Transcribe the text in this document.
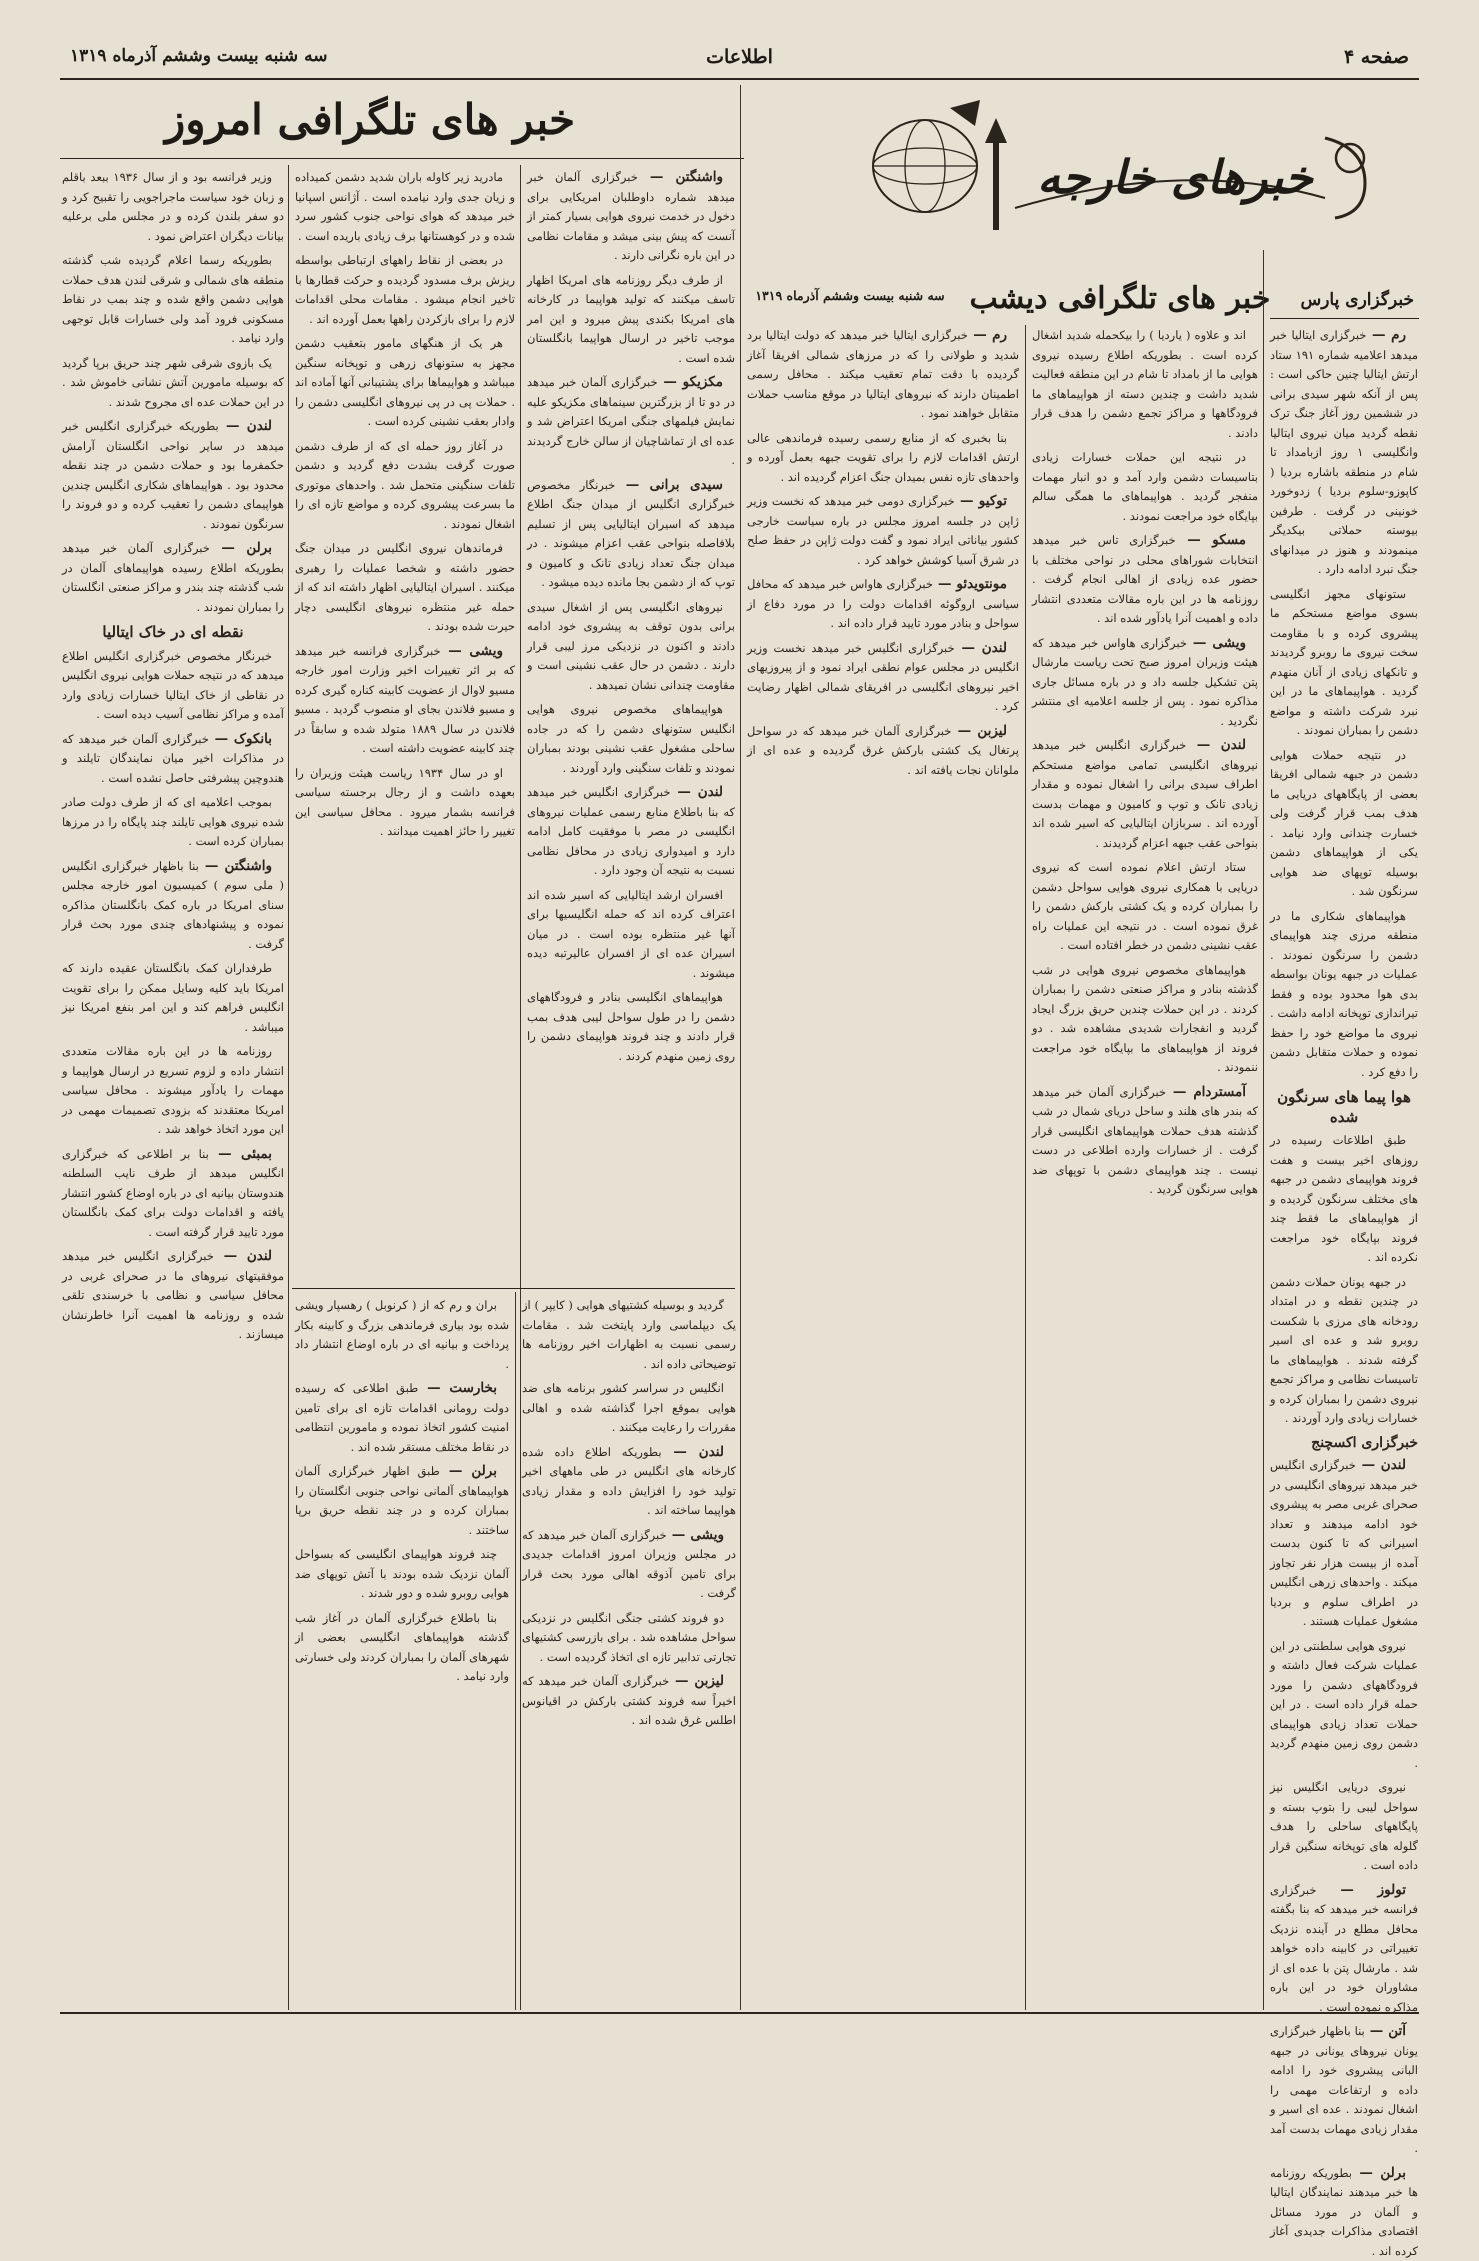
صفحه ۴
اطلاعات
سه شنبه بیست وششم آذرماه ۱۳۱۹
خبرهای خارجه
خبر های تلگرافی امروز
خبر های تلگرافی دیشب
سه شنبه بیست وششم آذرماه ۱۳۱۹	خبرگزاری پارس

رم — خبرگزاری ایتالیا خبر میدهد اعلامیه شماره ۱۹۱ ستاد ارتش ایتالیا چنین حاکی است : پس از آنکه شهر سیدی برانی در ششمین روز آغاز جنگ ترک نقطه گردید میان نیروی ایتالیا وانگلیسی ۱ روز ازبامداد تا شام در منطقه باشاره بردیا ( کاپوزو-سلوم بردیا ) زدوخورد خونینی در گرفت . طرفین بیوسته حملاتی بیکدیگر مینمودند و هنوز در میدانهای جنگ نبرد ادامه دارد .

ستونهای مجهز انگلیسی بسوی مواضع مستحکم ما پیشروی کرده و با مقاومت سخت نیروی ما روبرو گردیدند و تانکهای زیادی از آنان منهدم گردید . هواپیماهای ما در این نبرد شرکت داشته و مواضع دشمن را بمباران نمودند .

در نتیجه حملات هوایی دشمن در جبهه شمالی افریقا بعضی از پایگاههای دریایی ما هدف بمب قرار گرفت ولی خسارت چندانی وارد نیامد . یکی از هواپیماهای دشمن بوسیله توپهای ضد هوایی سرنگون شد .

هواپیماهای شکاری ما در منطقه مرزی چند هواپیمای دشمن را سرنگون نمودند . عملیات در جبهه یونان بواسطه بدی هوا محدود بوده و فقط تیراندازی توپخانه ادامه داشت . نیروی ما مواضع خود را حفظ نموده و حملات متقابل دشمن را دفع کرد .

هوا پیما های سرنگون شده

طبق اطلاعات رسیده در روزهای اخیر بیست و هفت فروند هواپیمای دشمن در جبهه های مختلف سرنگون گردیده و از هواپیماهای ما فقط چند فروند بپایگاه خود مراجعت نکرده اند .

در جبهه یونان حملات دشمن در چندین نقطه و در امتداد رودخانه های مرزی با شکست روبرو شد و عده ای اسیر گرفته شدند . هواپیماهای ما تاسیسات نظامی و مراکز تجمع نیروی دشمن را بمباران کرده و خسارات زیادی وارد آوردند .

خبرگزاری اکسچنج

لندن — خبرگزاری انگلیس خبر میدهد نیروهای انگلیسی در صحرای غربی مصر به پیشروی خود ادامه میدهند و تعداد اسیرانی که تا کنون بدست آمده از بیست هزار نفر تجاوز میکند . واحدهای زرهی انگلیس در اطراف سلوم و بردیا مشغول عملیات هستند .

نیروی هوایی سلطنتی در این عملیات شرکت فعال داشته و فرودگاههای دشمن را مورد حمله قرار داده است . در این حملات تعداد زیادی هواپیمای دشمن روی زمین منهدم گردید .

نیروی دریایی انگلیس نیز سواحل لیبی را بتوپ بسته و پایگاههای ساحلی را هدف گلوله های توپخانه سنگین قرار داده است .

تولوز — خبرگزاری فرانسه خبر میدهد که بنا بگفته محافل مطلع در آینده نزدیک تغییراتی در کابینه داده خواهد شد . مارشال پتن با عده ای از مشاوران خود در این باره مذاکره نموده است .

آتن — بنا باظهار خبرگزاری یونان نیروهای یونانی در جبهه البانی پیشروی خود را ادامه داده و ارتفاعات مهمی را اشغال نمودند . عده ای اسیر و مقدار زیادی مهمات بدست آمد .

برلن — بطوریکه روزنامه ها خبر میدهند نمایندگان ایتالیا و آلمان در مورد مسائل اقتصادی مذاکرات جدیدی آغاز کرده اند .

اند و علاوه ( یاردیا ) را بیکحمله شدید اشغال کرده است . بطوریکه اطلاع رسیده نیروی هوایی ما از بامداد تا شام در این منطقه فعالیت شدید داشت و چندین دسته از هواپیماهای ما فرودگاهها و مراکز تجمع دشمن را هدف قرار دادند .

در نتیجه این حملات خسارات زیادی بتاسیسات دشمن وارد آمد و دو انبار مهمات منفجر گردید . هواپیماهای ما همگی سالم بپایگاه خود مراجعت نمودند .

مسکو — خبرگزاری تاس خبر میدهد انتخابات شوراهای محلی در نواحی مختلف با حضور عده زیادی از اهالی انجام گرفت . روزنامه ها در این باره مقالات متعددی انتشار داده و اهمیت آنرا یادآور شده اند .

ویشی — خبرگزاری هاواس خبر میدهد که هیئت وزیران امروز صبح تحت ریاست مارشال پتن تشکیل جلسه داد و در باره مسائل جاری مذاکره نمود . پس از جلسه اعلامیه ای منتشر نگردید .

لندن — خبرگزاری انگلیس خبر میدهد نیروهای انگلیسی تمامی مواضع مستحکم اطراف سیدی برانی را اشغال نموده و مقدار زیادی تانک و توپ و کامیون و مهمات بدست آورده اند . سربازان ایتالیایی که اسیر شده اند بنواحی عقب جبهه اعزام گردیدند .

ستاد ارتش اعلام نموده است که نیروی دریایی با همکاری نیروی هوایی سواحل دشمن را بمباران کرده و یک کشتی بارکش دشمن را غرق نموده است . در نتیجه این عملیات راه عقب نشینی دشمن در خطر افتاده است .

هواپیماهای مخصوص نیروی هوایی در شب گذشته بنادر و مراکز صنعتی دشمن را بمباران کردند . در این حملات چندین حریق بزرگ ایجاد گردید و انفجارات شدیدی مشاهده شد . دو فروند از هواپیماهای ما بپایگاه خود مراجعت ننمودند .

آمستردام — خبرگزاری آلمان خبر میدهد که بندر های هلند و ساحل دریای شمال در شب گذشته هدف حملات هواپیماهای انگلیسی قرار گرفت . از خسارات وارده اطلاعی در دست نیست . چند هواپیمای دشمن با توپهای ضد هوایی سرنگون گردید .

رم — خبرگزاری ایتالیا خبر میدهد که دولت ایتالیا برد شدید و طولانی را که در مرزهای شمالی افریقا آغاز گردیده با دقت تمام تعقیب میکند . محافل رسمی اطمینان دارند که نیروهای ایتالیا در موقع مناسب حملات متقابل خواهند نمود .

بنا بخبری که از منابع رسمی رسیده فرماندهی عالی ارتش اقدامات لازم را برای تقویت جبهه بعمل آورده و واحدهای تازه نفس بمیدان جنگ اعزام گردیده اند .

توکیو — خبرگزاری دومی خبر میدهد که نخست وزیر ژاپن در جلسه امروز مجلس در باره سیاست خارجی کشور بیاناتی ایراد نمود و گفت دولت ژاپن در حفظ صلح در شرق آسیا کوشش خواهد کرد .

مونتویدئو — خبرگزاری هاواس خبر میدهد که محافل سیاسی اروگوئه اقدامات دولت را در مورد دفاع از سواحل و بنادر مورد تایید قرار داده اند .

لندن — خبرگزاری انگلیس خبر میدهد نخست وزیر انگلیس در مجلس عوام نطقی ایراد نمود و از پیروزیهای اخیر نیروهای انگلیسی در افریقای شمالی اظهار رضایت کرد .

لیزبن — خبرگزاری آلمان خبر میدهد که در سواحل پرتغال یک کشتی بارکش غرق گردیده و عده ای از ملوانان نجات یافته اند .

واشنگتن — خبرگزاری آلمان خبر میدهد شماره داوطلبان امریکایی برای دخول در خدمت نیروی هوایی بسیار کمتر از آنست که پیش بینی میشد و مقامات نظامی در این باره نگرانی دارند .

از طرف دیگر روزنامه های امریکا اظهار تاسف میکنند که تولید هواپیما در کارخانه های امریکا بکندی پیش میرود و این امر موجب تاخیر در ارسال هواپیما بانگلستان شده است .

مکزیکو — خبرگزاری آلمان خبر میدهد در دو تا از بزرگترین سینماهای مکزیکو علیه نمایش فیلمهای جنگی امریکا اعتراض شد و عده ای از تماشاچیان از سالن خارج گردیدند .

سیدی برانی — خبرنگار مخصوص خبرگزاری انگلیس از میدان جنگ اطلاع میدهد که اسیران ایتالیایی پس از تسلیم بلافاصله بنواحی عقب اعزام میشوند . در میدان جنگ تعداد زیادی تانک و کامیون و توپ که از دشمن بجا مانده دیده میشود .

نیروهای انگلیسی پس از اشغال سیدی برانی بدون توقف به پیشروی خود ادامه دادند و اکنون در نزدیکی مرز لیبی قرار دارند . دشمن در حال عقب نشینی است و مقاومت چندانی نشان نمیدهد .

هواپیماهای مخصوص نیروی هوایی انگلیس ستونهای دشمن را که در جاده ساحلی مشغول عقب نشینی بودند بمباران نمودند و تلفات سنگینی وارد آوردند .

لندن — خبرگزاری انگلیس خبر میدهد که بنا باطلاع منابع رسمی عملیات نیروهای انگلیسی در مصر با موفقیت کامل ادامه دارد و امیدواری زیادی در محافل نظامی نسبت به نتیجه آن وجود دارد .

افسران ارشد ایتالیایی که اسیر شده اند اعتراف کرده اند که حمله انگلیسیها برای آنها غیر منتظره بوده است . در میان اسیران عده ای از افسران عالیرتبه دیده میشوند .

هواپیماهای انگلیسی بنادر و فرودگاههای دشمن را در طول سواحل لیبی هدف بمب قرار دادند و چند فروند هواپیمای دشمن را روی زمین منهدم کردند .

مادرید زیر کاوله باران شدید دشمن کمیداده و زیان جدی وارد نیامده است . آژانس اسپانیا خبر میدهد که هوای نواحی جنوب کشور سرد شده و در کوهستانها برف زیادی باریده است .

در بعضی از نقاط راههای ارتباطی بواسطه ریزش برف مسدود گردیده و حرکت قطارها با تاخیر انجام میشود . مقامات محلی اقدامات لازم را برای بازکردن راهها بعمل آورده اند .

هر یک از هنگهای مامور بتعقیب دشمن مجهز به ستونهای زرهی و توپخانه سنگین میباشد و هواپیماها برای پشتیبانی آنها آماده اند . حملات پی در پی نیروهای انگلیسی دشمن را وادار بعقب نشینی کرده است .

در آغاز روز حمله ای که از طرف دشمن صورت گرفت بشدت دفع گردید و دشمن تلفات سنگینی متحمل شد . واحدهای موتوری ما بسرعت پیشروی کرده و مواضع تازه ای را اشغال نمودند .

فرماندهان نیروی انگلیس در میدان جنگ حضور داشته و شخصا عملیات را رهبری میکنند . اسیران ایتالیایی اظهار داشته اند که از حمله غیر منتظره نیروهای انگلیسی دچار حیرت شده بودند .

ویشی — خبرگزاری فرانسه خبر میدهد که بر اثر تغییرات اخیر وزارت امور خارجه مسیو لاوال از عضویت کابینه کناره گیری کرده و مسیو فلاندن بجای او منصوب گردید . مسیو فلاندن در سال ۱۸۸۹ متولد شده و سابقاً در چند کابینه عضویت داشته است .

او در سال ۱۹۳۴ ریاست هیئت وزیران را بعهده داشت و از رجال برجسته سیاسی فرانسه بشمار میرود . محافل سیاسی این تغییر را حائز اهمیت میدانند .

وزیر فرانسه بود و از سال ۱۹۳۶ ببعد باقلم و زبان خود سیاست ماجراجویی را تقبیح کرد و دو سفر بلندن کرده و در مجلس ملی برعلیه بیانات دیگران اعتراض نمود .

بطوریکه رسما اعلام گردیده شب گذشته منطقه های شمالی و شرقی لندن هدف حملات هوایی دشمن واقع شده و چند بمب در نقاط مسکونی فرود آمد ولی خسارات قابل توجهی وارد نیامد .

یک بازوی شرقی شهر چند حریق برپا گردید که بوسیله مامورین آتش نشانی خاموش شد . در این حملات عده ای مجروح شدند .

لندن — بطوریکه خبرگزاری انگلیس خبر میدهد در سایر نواحی انگلستان آرامش حکمفرما بود و حملات دشمن در چند نقطه محدود بود . هواپیماهای شکاری انگلیس چندین هواپیمای دشمن را تعقیب کرده و دو فروند را سرنگون نمودند .

برلن — خبرگزاری آلمان خبر میدهد بطوریکه اطلاع رسیده هواپیماهای آلمان در شب گذشته چند بندر و مراکز صنعتی انگلستان را بمباران نمودند .

نقطه ای در خاک ایتالیا

خبرنگار مخصوص خبرگزاری انگلیس اطلاع میدهد که در نتیجه حملات هوایی نیروی انگلیس در نقاطی از خاک ایتالیا خسارات زیادی وارد آمده و مراکز نظامی آسیب دیده است .

بانکوک — خبرگزاری آلمان خبر میدهد که در مذاکرات اخیر میان نمایندگان تایلند و هندوچین پیشرفتی حاصل نشده است .

بموجب اعلامیه ای که از طرف دولت صادر شده نیروی هوایی تایلند چند پایگاه را در مرزها بمباران کرده است .

واشنگتن — بنا باظهار خبرگزاری انگلیس ( ملی سوم ) کمیسیون امور خارجه مجلس سنای امریکا در باره کمک بانگلستان مذاکره نموده و پیشنهادهای چندی مورد بحث قرار گرفت .

طرفداران کمک بانگلستان عقیده دارند که امریکا باید کلیه وسایل ممکن را برای تقویت انگلیس فراهم کند و این امر بنفع امریکا نیز میباشد .

روزنامه ها در این باره مقالات متعددی انتشار داده و لزوم تسریع در ارسال هواپیما و مهمات را یادآور میشوند . محافل سیاسی امریکا معتقدند که بزودی تصمیمات مهمی در این مورد اتخاذ خواهد شد .

بمبئی — بنا بر اطلاعی که خبرگزاری انگلیس میدهد از طرف نایب السلطنه هندوستان بیانیه ای در باره اوضاع کشور انتشار یافته و اقدامات دولت برای کمک بانگلستان مورد تایید قرار گرفته است .

لندن — خبرگزاری انگلیس خبر میدهد موفقیتهای نیروهای ما در صحرای غربی در محافل سیاسی و نظامی با خرسندی تلقی شده و روزنامه ها اهمیت آنرا خاطرنشان میسازند .

گردید و بوسیله کشتیهای هوایی ( کایپر ) از یک دیپلماسی وارد پایتخت شد . مقامات رسمی نسبت به اظهارات اخیر روزنامه ها توضیحاتی داده اند .

انگلیس در سراسر کشور برنامه های ضد هوایی بموقع اجرا گذاشته شده و اهالی مقررات را رعایت میکنند .

لندن — بطوریکه اطلاع داده شده کارخانه های انگلیس در طی ماههای اخیر تولید خود را افزایش داده و مقدار زیادی هواپیما ساخته اند .

ویشی — خبرگزاری آلمان خبر میدهد که در مجلس وزیران امروز اقدامات جدیدی برای تامین آذوقه اهالی مورد بحث قرار گرفت .

دو فروند کشتی جنگی انگلیس در نزدیکی سواحل مشاهده شد . برای بازرسی کشتیهای تجارتی تدابیر تازه ای اتخاذ گردیده است .

لیزبن — خبرگزاری آلمان خبر میدهد که اخیراً سه فروند کشتی بارکش در اقیانوس اطلس غرق شده اند .

بران و رم که از ( کرنوبل ) رهسپار ویشی شده بود بیاری فرماندهی بزرگ و کابینه بکار پرداخت و بیانیه ای در باره اوضاع انتشار داد .

بخارست — طبق اطلاعی که رسیده دولت رومانی اقدامات تازه ای برای تامین امنیت کشور اتخاذ نموده و مامورین انتظامی در نقاط مختلف مستقر شده اند .

برلن — طبق اظهار خبرگزاری آلمان هواپیماهای آلمانی نواحی جنوبی انگلستان را بمباران کرده و در چند نقطه حریق برپا ساختند .

چند فروند هواپیمای انگلیسی که بسواحل آلمان نزدیک شده بودند با آتش توپهای ضد هوایی روبرو شده و دور شدند .

بنا باطلاع خبرگزاری آلمان در آغاز شب گذشته هواپیماهای انگلیسی بعضی از شهرهای آلمان را بمباران کردند ولی خسارتی وارد نیامد .
